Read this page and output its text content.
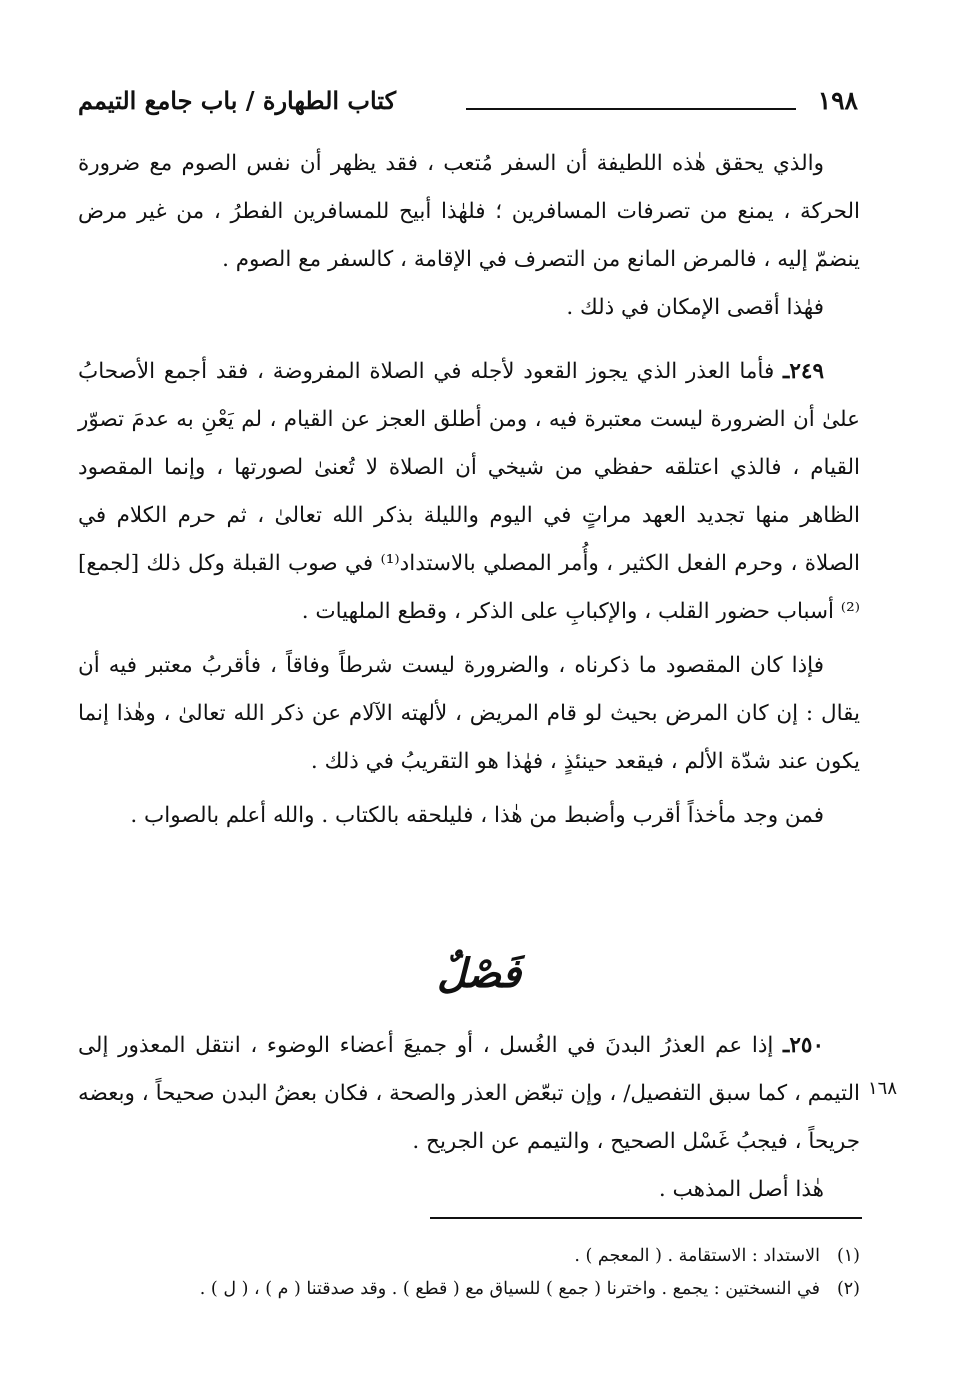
١٩٨
كتاب الطهارة / باب جامع التيمم

والذي يحقق هٰذه اللطيفة أن السفر مُتعب ، فقد يظهر أن نفس الصوم مع ضرورة الحركة ، يمنع من تصرفات المسافرين ؛ فلهٰذا أبيح للمسافرين الفطرُ ، من غير مرض ينضمّ إليه ، فالمرض المانع من التصرف في الإقامة ، كالسفر مع الصوم .

فهٰذا أقصى الإمكان في ذلك .

٢٤٩ـ فأما العذر الذي يجوز القعود لأجله في الصلاة المفروضة ، فقد أجمع الأصحابُ علىٰ أن الضرورة ليست معتبرة فيه ، ومن أطلق العجز عن القيام ، لم يَعْنِ به عدمَ تصوّر القيام ، فالذي اعتلقه حفظي من شيخي أن الصلاة لا تُعنىٰ لصورتها ، وإنما المقصود الظاهر منها تجديد العهد مراتٍ في اليوم والليلة بذكر الله تعالىٰ ، ثم حرم الكلام في الصلاة ، وحرم الفعل الكثير ، وأُمر المصلي بالاستداد⁽¹⁾ في صوب القبلة وكل ذلك [لجمع]⁽²⁾ أسباب حضور القلب ، والإكبابِ على الذكر ، وقطع الملهيات .

فإذا كان المقصود ما ذكرناه ، والضرورة ليست شرطاً وفاقاً ، فأقربُ معتبر فيه أن يقال : إن كان المرض بحيث لو قام المريض ، لألهته الآلام عن ذكر الله تعالىٰ ، وهٰذا إنما يكون عند شدّة الألم ، فيقعد حينئذٍ ، فهٰذا هو التقريبُ في ذلك .

فمن وجد مأخذاً أقرب وأضبط من هٰذا ، فليلحقه بالكتاب . والله أعلم بالصواب .

فَصْلٌ

٢٥٠ـ إذا عم العذرُ البدنَ في الغُسل ، أو جميعَ أعضاء الوضوء ، انتقل المعذور إلى التيمم ، كما سبق التفصيل/ ، وإن تبعّض العذر والصحة ، فكان بعضُ البدن صحيحاً ، وبعضه جريحاً ، فيجبُ غَسْل الصحيح ، والتيمم عن الجريح .

هٰذا أصل المذهب .

١٦٨
(١)الاستداد : الاستقامة . ( المعجم ) .
(٢)في النسختين : يجمع . واخترنا ( جمع ) للسياق مع ( قطع ) . وقد صدقتنا ( م ) ، ( ل ) .
